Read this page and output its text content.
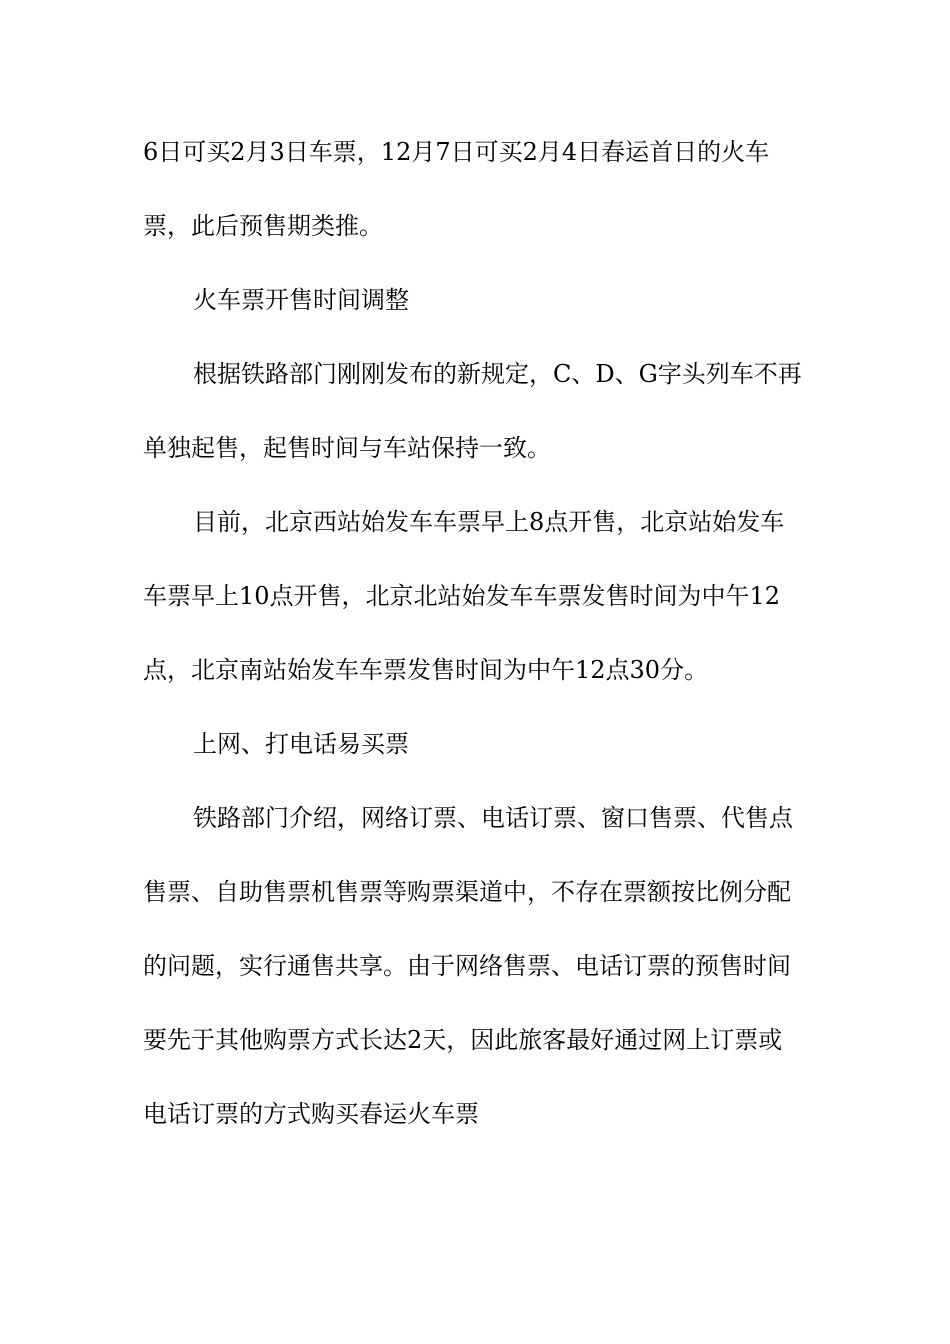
6日可买2月3日车票，12月7日可买2月4日春运首日的火车
票，此后预售期类推。
火车票开售时间调整
根据铁路部门刚刚发布的新规定，C、D、G字头列车不再
单独起售，起售时间与车站保持一致。
目前，北京西站始发车车票早上8点开售，北京站始发车
车票早上10点开售，北京北站始发车车票发售时间为中午12
点，北京南站始发车车票发售时间为中午12点30分。
上网、打电话易买票
铁路部门介绍，网络订票、电话订票、窗口售票、代售点
售票、自助售票机售票等购票渠道中，不存在票额按比例分配
的问题，实行通售共享。由于网络售票、电话订票的预售时间
要先于其他购票方式长达2天，因此旅客最好通过网上订票或
电话订票的方式购买春运火车票
